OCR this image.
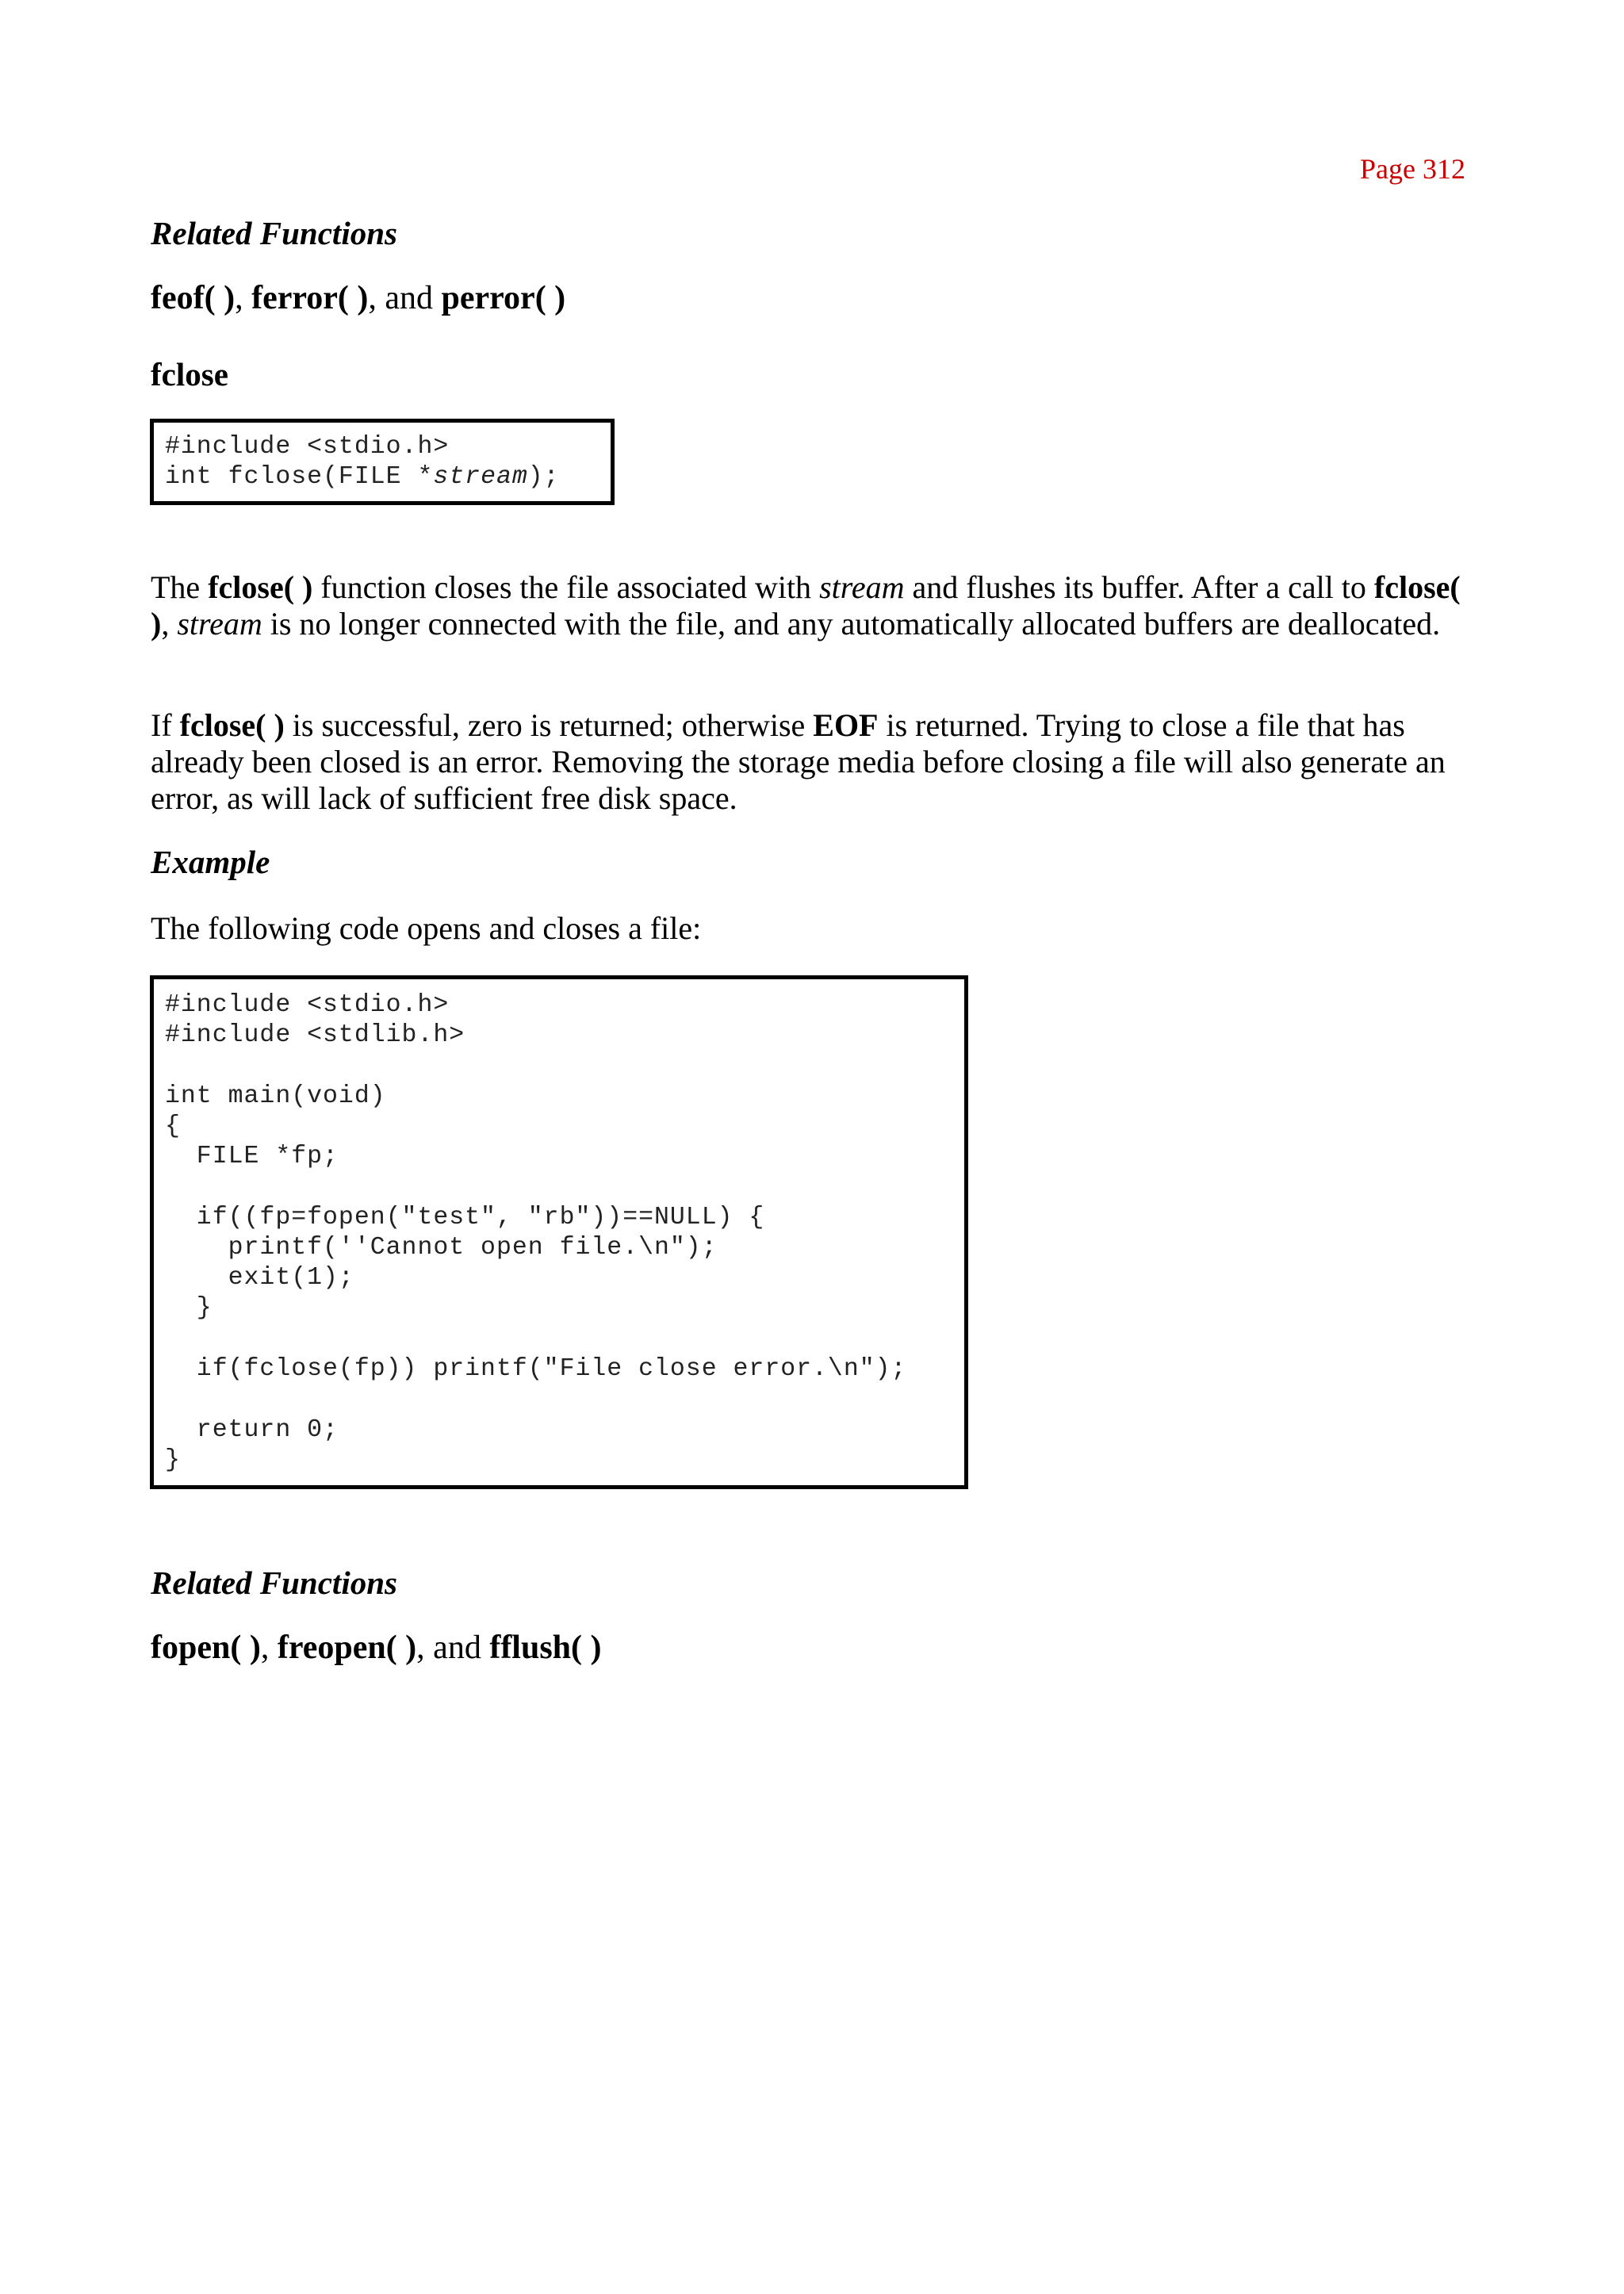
Page 312
Related Functions
feof( ), ferror( ), and perror( )
fclose
#include <stdio.h>
int fclose(FILE *stream);
The fclose( ) function closes the file associated with stream and flushes its buffer. After a call to fclose( ), stream is no longer connected with the file, and any automatically allocated buffers are deallocated.
If fclose( ) is successful, zero is returned; otherwise EOF is returned. Trying to close a file that has already been closed is an error. Removing the storage media before closing a file will also generate an error, as will lack of sufficient free disk space.
Example
The following code opens and closes a file:
#include <stdio.h>
#include <stdlib.h>
int main(void)
{
FILE *fp;
if((fp=fopen("test", "rb"))==NULL) {
printf(''Cannot open file.\n");
exit(1);
}
if(fclose(fp)) printf("File close error.\n");
return 0;
}
Related Functions
fopen( ), freopen( ), and fflush( )
